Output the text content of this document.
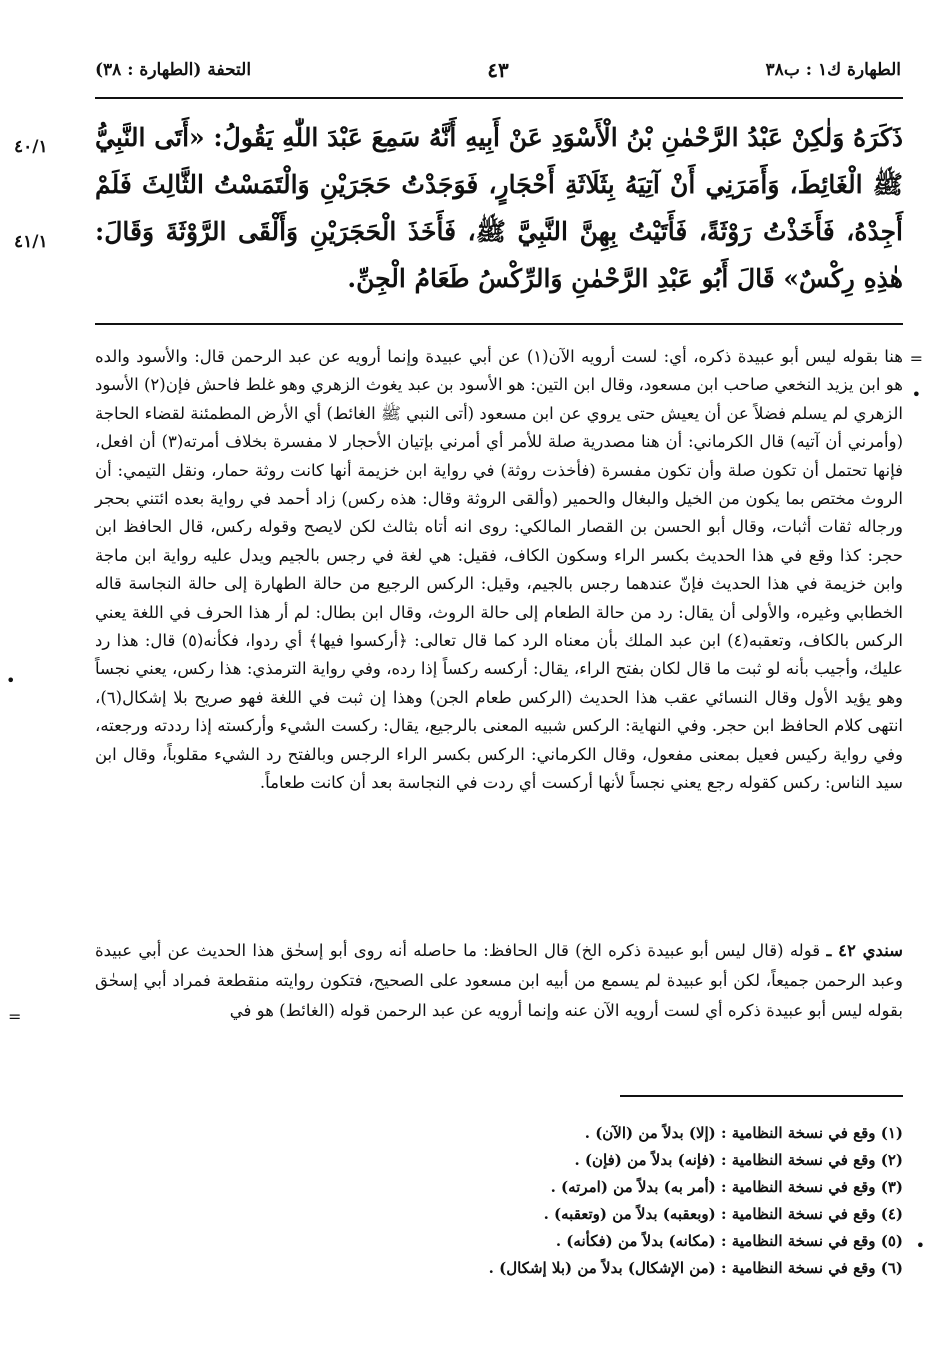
الطهارة ك١ : ب٣٨
٤٣
التحفة (الطهارة : ٣٨)
ذَكَرَهُ وَلٰكِنْ عَبْدُ الرَّحْمٰنِ بْنُ الْأَسْوَدِ عَنْ أَبِيهِ أَنَّهُ سَمِعَ عَبْدَ اللّٰهِ يَقُولُ: «أَتَى النَّبِيُّ ﷺ الْغَائِطَ، وَأَمَرَنِي أَنْ آتِيَهُ بِثَلَاثَةِ أَحْجَارٍ، فَوَجَدْتُ حَجَرَيْنِ وَالْتَمَسْتُ الثَّالِثَ فَلَمْ أَجِدْهُ، فَأَخَذْتُ رَوْثَةً، فَأَتَيْتُ بِهِنَّ النَّبِيَّ ﷺ، فَأَخَذَ الْحَجَرَيْنِ وَأَلْقَى الرَّوْثَةَ وَقَالَ: هٰذِهِ رِكْسٌ» قَالَ أَبُو عَبْدِ الرَّحْمٰنِ وَالرِّكْسُ طَعَامُ الْجِنِّ.
٤٠/١
٤١/١
=
•
•
هنا بقوله ليس أبو عبيدة ذكره، أي: لست أرويه الآن(١) عن أبي عبيدة وإنما أرويه عن عبد الرحمن قال: والأسود والده هو ابن يزيد النخعي صاحب ابن مسعود، وقال ابن التين: هو الأسود بن عبد يغوث الزهري وهو غلط فاحش فإن(٢) الأسود الزهري لم يسلم فضلاً عن أن يعيش حتى يروي عن ابن مسعود (أتى النبي ﷺ الغائط) أي الأرض المطمئنة لقضاء الحاجة (وأمرني أن آتيه) قال الكرماني: أن هنا مصدرية صلة للأمر أي أمرني بإتيان الأحجار لا مفسرة بخلاف أمرته(٣) أن افعل، فإنها تحتمل أن تكون صلة وأن تكون مفسرة (فأخذت روثة) في رواية ابن خزيمة أنها كانت روثة حمار، ونقل التيمي: أن الروث مختص بما يكون من الخيل والبغال والحمير (وألقى الروثة وقال: هذه ركس) زاد أحمد في رواية بعده ائتني بحجر ورجاله ثقات أثبات، وقال أبو الحسن بن القصار المالكي: روى انه أتاه بثالث لكن لايصح وقوله ركس، قال الحافظ ابن حجر: كذا وقع في هذا الحديث بكسر الراء وسكون الكاف، فقيل: هي لغة في رجس بالجيم ويدل عليه رواية ابن ماجة وابن خزيمة في هذا الحديث فإنّ عندهما رجس بالجيم، وقيل: الركس الرجيع من حالة الطهارة إلى حالة النجاسة قاله الخطابي وغيره، والأولى أن يقال: رد من حالة الطعام إلى حالة الروث، وقال ابن بطال: لم أر هذا الحرف في اللغة يعني الركس بالكاف، وتعقبه(٤) ابن عبد الملك بأن معناه الرد كما قال تعالى: ﴿أركسوا فيها﴾ أي ردوا، فكأنه(٥) قال: هذا رد عليك، وأجيب بأنه لو ثبت ما قال لكان بفتح الراء، يقال: أركسه ركساً إذا رده، وفي رواية الترمذي: هذا ركس، يعني نجساً وهو يؤيد الأول وقال النسائي عقب هذا الحديث (الركس طعام الجن) وهذا إن ثبت في اللغة فهو صريح بلا إشكال(٦)، انتهى كلام الحافظ ابن حجر. وفي النهاية: الركس شبيه المعنى بالرجيع، يقال: ركست الشيء وأركسته إذا رددته ورجعته، وفي رواية ركيس فعيل بمعنى مفعول، وقال الكرماني: الركس بكسر الراء الرجس وبالفتح رد الشيء مقلوباً، وقال ابن سيد الناس: ركس كقوله رجع يعني نجساً لأنها أركست أي ردت في النجاسة بعد أن كانت طعاماً.
سندي ٤٢ ـ قوله (قال ليس أبو عبيدة ذكره الخ) قال الحافظ: ما حاصله أنه روى أبو إسحٰق هذا الحديث عن أبي عبيدة وعبد الرحمن جميعاً، لكن أبو عبيدة لم يسمع من أبيه ابن مسعود على الصحيح، فتكون روايته منقطعة فمراد أبي إسحٰق بقوله ليس أبو عبيدة ذكره أي لست أرويه الآن عنه وإنما أرويه عن عبد الرحمن قوله (الغائط) هو في
=
(١) وقع في نسخة النظامية : (إلا) بدلاً من (الآن) .
(٢) وقع في نسخة النظامية : (فإنه) بدلاً من (فإن) .
(٣) وقع في نسخة النظامية : (أمر به) بدلاً من (امرته) .
(٤) وقع في نسخة النظامية : (وبعقبه) بدلاً من (وتعقبه) .
(٥) وقع في نسخة النظامية : (مكانه) بدلاً من (فكأنه) .
(٦) وقع في نسخة النظامية : (من الإشكال) بدلاً من (بلا إشكال) .
•
